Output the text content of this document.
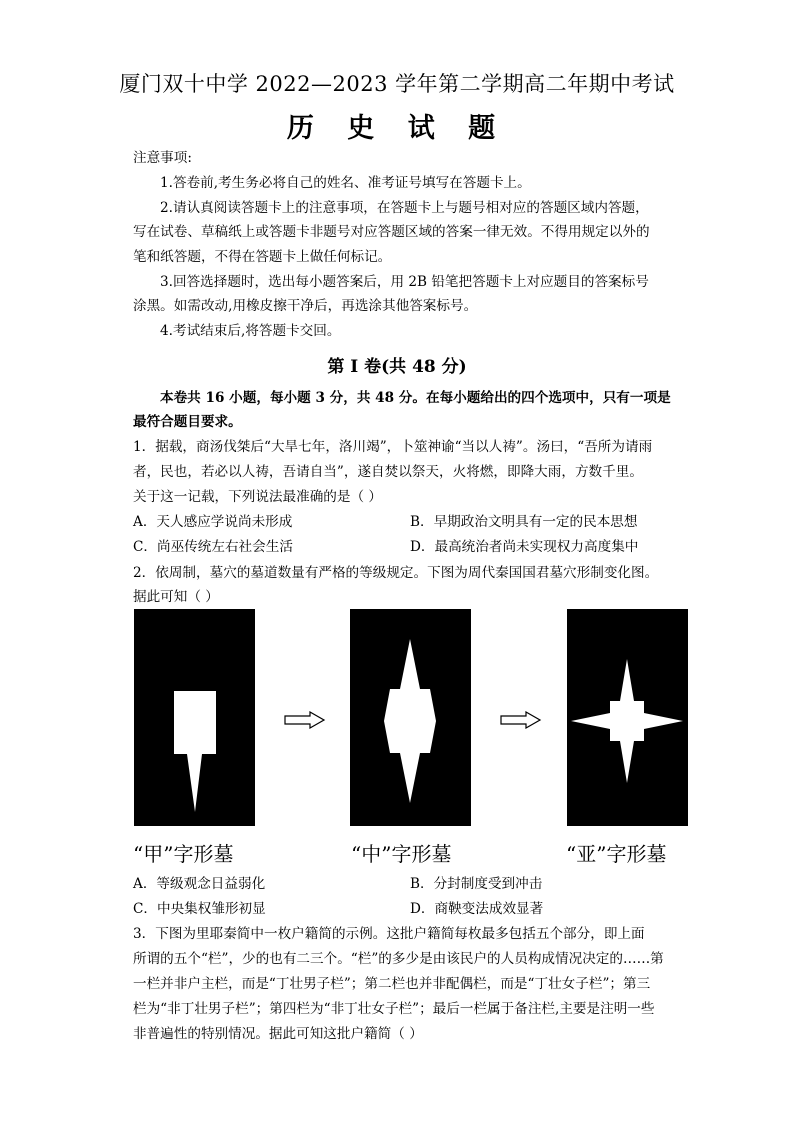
厦门双十中学 2022—2023 学年第二学期高二年期中考试
历 史 试 题
注意事项:
1.答卷前,考生务必将自己的姓名、准考证号填写在答题卡上。
2.请认真阅读答题卡上的注意事项，在答题卡上与题号相对应的答题区域内答题，
写在试卷、草稿纸上或答题卡非题号对应答题区域的答案一律无效。不得用规定以外的
笔和纸答题，不得在答题卡上做任何标记。
3.回答选择题时，选出每小题答案后，用 2B 铅笔把答题卡上对应题目的答案标号
涂黑。如需改动,用橡皮擦干净后，再选涂其他答案标号。
4.考试结束后,将答题卡交回。
第 I 卷(共 48 分)
本卷共 16 小题，每小题 3 分，共 48 分。在每小题给出的四个选项中，只有一项是
最符合题目要求。
1．据载，商汤伐桀后“大旱七年，洛川竭”，卜筮神谕“当以人祷”。汤曰，“吾所为请雨
者，民也，若必以人祷，吾请自当”，遂自焚以祭天，火将燃，即降大雨，方数千里。
关于这一记载，下列说法最准确的是（ ）
A．天人感应学说尚未形成	B．早期政治文明具有一定的民本思想
C．尚巫传统左右社会生活	D．最高统治者尚未实现权力高度集中
2．依周制，墓穴的墓道数量有严格的等级规定。下图为周代秦国国君墓穴形制变化图。
据此可知（ ）
“甲”字形墓	“中”字形墓	“亚”字形墓
A．等级观念日益弱化	B．分封制度受到冲击
C．中央集权雏形初显	D．商鞅变法成效显著
3．下图为里耶秦简中一枚户籍简的示例。这批户籍简每枚最多包括五个部分，即上面
所谓的五个“栏”，少的也有二三个。“栏”的多少是由该民户的人员构成情况决定的……第
一栏并非户主栏，而是“丁壮男子栏”；第二栏也并非配偶栏，而是“丁壮女子栏”；第三
栏为“非丁壮男子栏”；第四栏为“非丁壮女子栏”；最后一栏属于备注栏,主要是注明一些
非普遍性的特别情况。据此可知这批户籍简（ ）
